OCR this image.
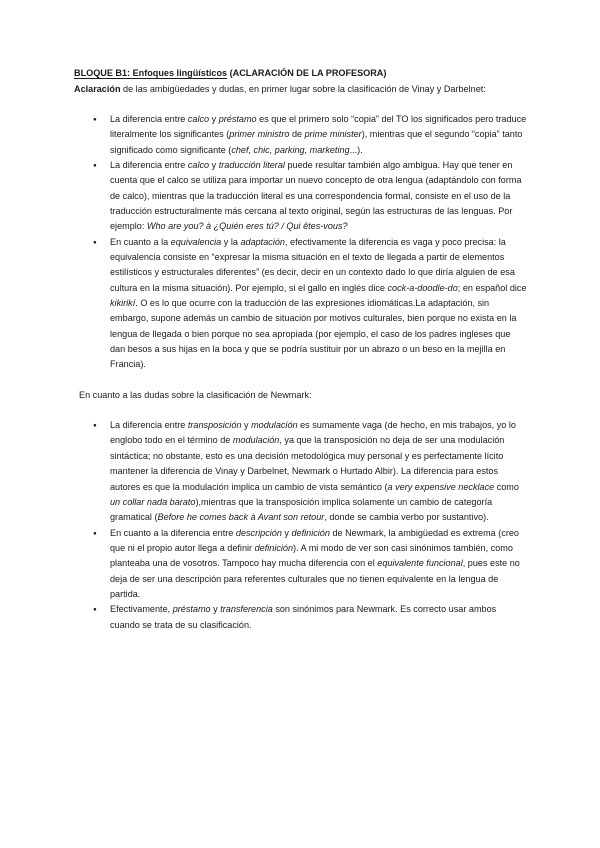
BLOQUE B1: Enfoques lingüísticos (ACLARACIÓN DE LA PROFESORA)

Aclaración de las ambigüedades y dudas, en primer lugar sobre la clasificación de Vinay y Darbelnet:

● La diferencia entre calco y préstamo es que el primero solo “copia” del TO los significados pero traduce literalmente los significantes (primer ministro de prime minister), mientras que el segundo “copia” tanto significado como significante (chef, chic, parking, marketing...).
● La diferencia entre calco y traducción literal puede resultar también algo ambigua. Hay que tener en cuenta que el calco se utiliza para importar un nuevo concepto de otra lengua (adaptándolo con forma de calco), mientras que la traducción literal es una correspondencia formal, consiste en el uso de la traducción estructuralmente más cercana al texto original, según las estructuras de las lenguas. Por ejemplo: Who are you? à ¿Quién eres tú? / Qui êtes-vous?
● En cuanto a la equivalencia y la adaptación, efectivamente la diferencia es vaga y poco precisa: la equivalencia consiste en “expresar la misma situación en el texto de llegada a partir de elementos estilísticos y estructurales diferentes” (es decir, decir en un contexto dado lo que diría alguien de esa cultura en la misma situación). Por ejemplo, si el gallo en inglés dice cock-a-doodle-do; en español dice kikirikí. O es lo que ocurre con la traducción de las expresiones idiomáticas.La adaptación, sin embargo, supone además un cambio de situación por motivos culturales, bien porque no exista en la lengua de llegada o bien porque no sea apropiada (por ejemplo, el caso de los padres ingleses que dan besos a sus hijas en la boca y que se podría sustituir por un abrazo o un beso en la mejilla en Francia).

En cuanto a las dudas sobre la clasificación de Newmark:

● La diferencia entre transposición y modulación es sumamente vaga (de hecho, en mis trabajos, yo lo englobo todo en el término de modulación, ya que la transposición no deja de ser una modulación sintáctica; no obstante, esto es una decisión metodológica muy personal y es perfectamente lícito mantener la diferencia de Vinay y Darbelnet, Newmark o Hurtado Albir). La diferencia para estos autores es que la modulación implica un cambio de vista semántico (a very expensive necklace como un collar nada barato),mientras que la transposición implica solamente un cambio de categoría gramatical (Before he comes back à Avant son retour, donde se cambia verbo por sustantivo).
● En cuanto a la diferencia entre descripción y definición de Newmark, la ambigüedad es extrema (creo que ni el propio autor llega a definir definición). A mi modo de ver son casi sinónimos también, como planteaba una de vosotros. Tampoco hay mucha diferencia con el equivalente funcional, pues este no deja de ser una descripción para referentes culturales que no tienen equivalente en la lengua de partida.
● Efectivamente, préstamo y transferencia son sinónimos para Newmark. Es correcto usar ambos cuando se trata de su clasificación.
